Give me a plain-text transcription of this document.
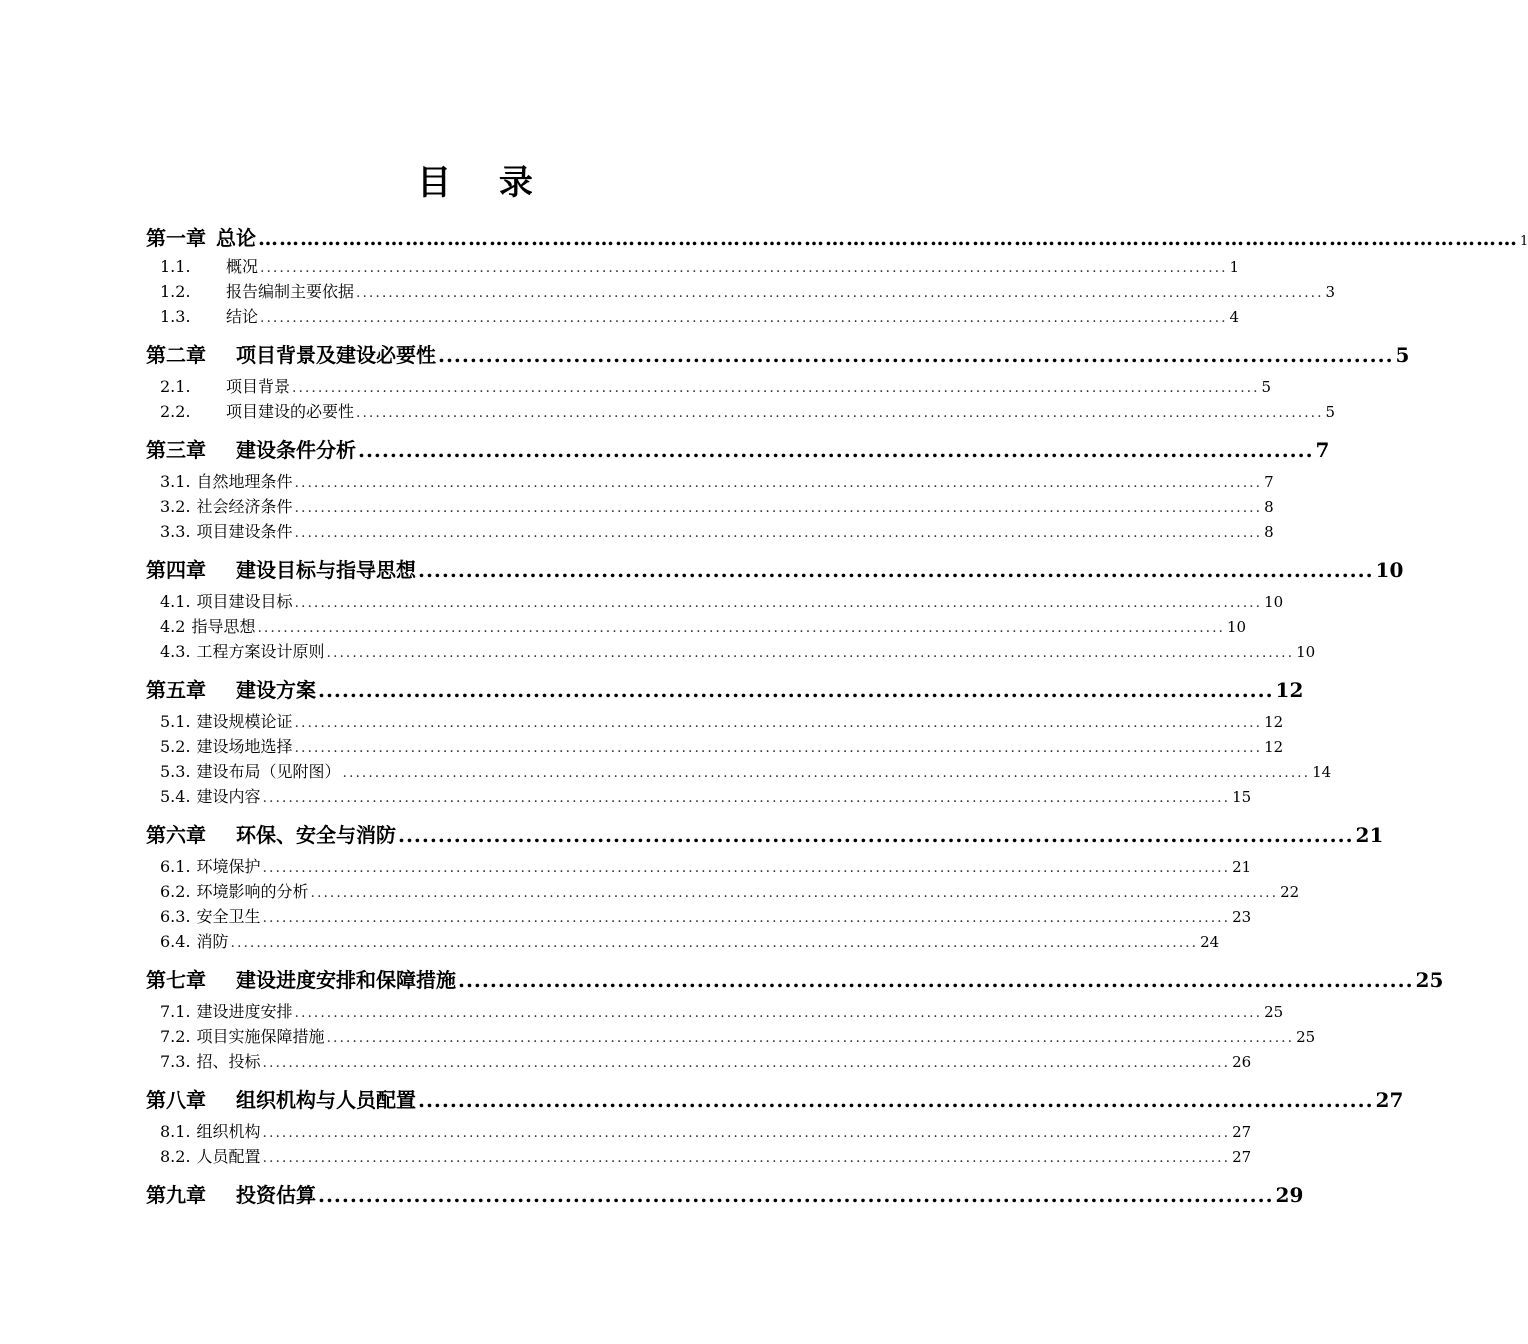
目 录
第一章 总论 ……………………………………………………………………………………………………………………………………………………………… 1
1.1.	概况 ...................................................................................................................................................... 1
1.2.	报告编制主要依据 ...................................................................................................................................................... 3
1.3.	结论 ...................................................................................................................................................... 4
第二章	项目背景及建设必要性 ........................................................................................................................ 5
2.1.	项目背景 ...................................................................................................................................................... 5
2.2.	项目建设的必要性 ...................................................................................................................................................... 5
第三章	建设条件分析 ........................................................................................................................ 7
3.1. 自然地理条件 ...................................................................................................................................................... 7
3.2. 社会经济条件 ...................................................................................................................................................... 8
3.3. 项目建设条件 ...................................................................................................................................................... 8
第四章	建设目标与指导思想 ........................................................................................................................ 10
4.1. 项目建设目标 ...................................................................................................................................................... 10
4.2 指导思想 ...................................................................................................................................................... 10
4.3. 工程方案设计原则 ...................................................................................................................................................... 10
第五章	建设方案 ........................................................................................................................ 12
5.1. 建设规模论证 ...................................................................................................................................................... 12
5.2. 建设场地选择 ...................................................................................................................................................... 12
5.3. 建设布局（见附图） ...................................................................................................................................................... 14
5.4. 建设内容 ...................................................................................................................................................... 15
第六章	环保、安全与消防 ........................................................................................................................ 21
6.1. 环境保护 ...................................................................................................................................................... 21
6.2. 环境影响的分析 ...................................................................................................................................................... 22
6.3. 安全卫生 ...................................................................................................................................................... 23
6.4. 消防 ...................................................................................................................................................... 24
第七章	建设进度安排和保障措施 ........................................................................................................................ 25
7.1. 建设进度安排 ...................................................................................................................................................... 25
7.2. 项目实施保障措施 ...................................................................................................................................................... 25
7.3. 招、投标 ...................................................................................................................................................... 26
第八章	组织机构与人员配置 ........................................................................................................................ 27
8.1. 组织机构 ...................................................................................................................................................... 27
8.2. 人员配置 ...................................................................................................................................................... 27
第九章	投资估算 ........................................................................................................................ 29
